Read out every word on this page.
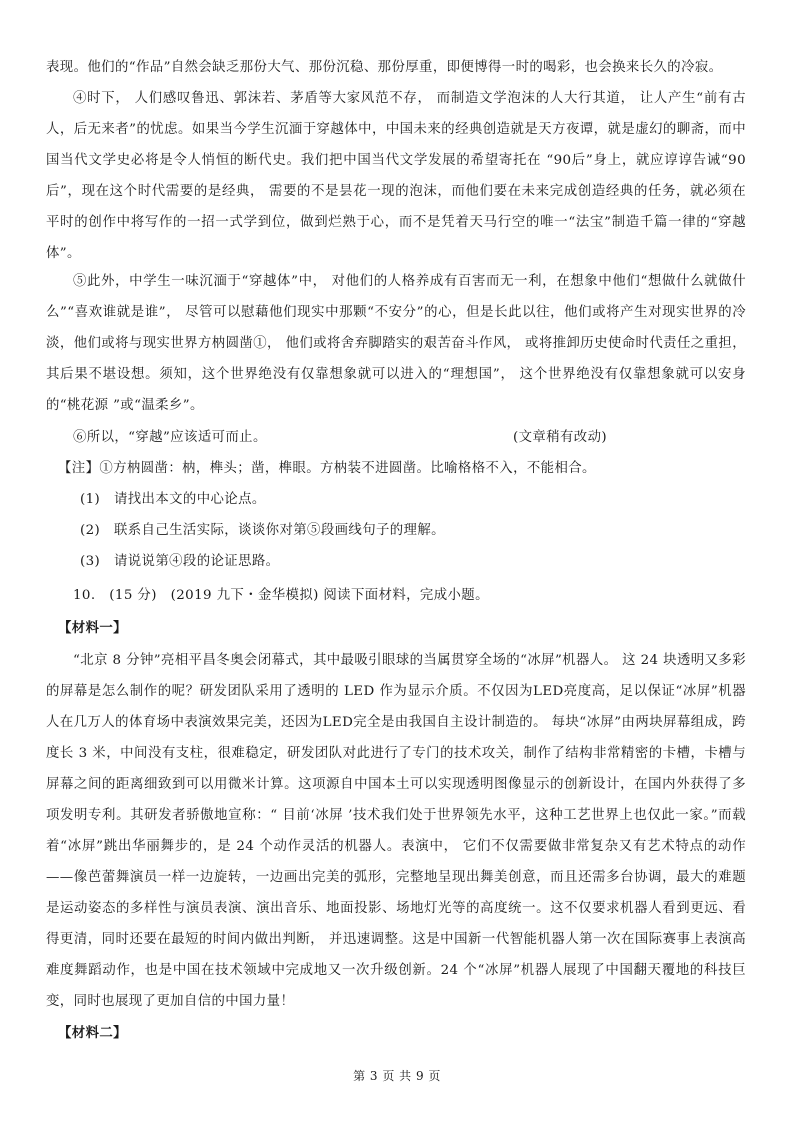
表现。他们的“作品”自然会缺乏那份大气、那份沉稳、那份厚重，即便博得一时的喝彩，也会换来长久的冷寂。

④时下， 人们感叹鲁迅、郭沫若、茅盾等大家风范不存， 而制造文学泡沫的人大行其道， 让人产生“前有古人，后无来者”的忧虑。如果当今学生沉湎于穿越体中，中国未来的经典创造就是天方夜谭，就是虚幻的聊斋，而中国当代文学史必将是令人悄恒的断代史。我们把中国当代文学发展的希望寄托在 “90后”身上，就应谆谆告诫“90后”，现在这个时代需要的是经典， 需要的不是昙花一现的泡沫，而他们要在未来完成创造经典的任务，就必须在平时的创作中将写作的一招一式学到位，做到烂熟于心，而不是凭着天马行空的唯一“法宝”制造千篇一律的“穿越体”。

⑤此外，中学生一味沉湎于“穿越体”中， 对他们的人格养成有百害而无一利，在想象中他们“想做什么就做什么”“喜欢谁就是谁”， 尽管可以慰藉他们现实中那颗“不安分”的心，但是长此以往，他们或将产生对现实世界的冷淡，他们或将与现实世界方枘圆凿①， 他们或将舍弃脚踏实的艰苦奋斗作风， 或将推卸历史使命时代责任之重担，其后果不堪设想。须知，这个世界绝没有仅靠想象就可以进入的“理想国”， 这个世界绝没有仅靠想象就可以安身的“桃花源 ”或“温柔乡”。

⑥所以，“穿越”应该适可而止。	(文章稍有改动)

【注】①方枘圆凿：枘，榫头；凿，榫眼。方枘装不进圆凿。比喻格格不入，不能相合。

(1)　请找出本文的中心论点。

(2)　联系自己生活实际，谈谈你对第⑤段画线句子的理解。

(3)　请说说第④段的论证思路。

10.　(15 分)　(2019 九下・金华模拟) 阅读下面材料，完成小题。

【材料一】

“北京 8 分钟”亮相平昌冬奥会闭幕式，其中最吸引眼球的当属贯穿全场的“冰屏”机器人。 这 24 块透明又多彩的屏幕是怎么制作的呢？研发团队采用了透明的 LED 作为显示介质。不仅因为LED亮度高，足以保证“冰屏”机器人在几万人的体育场中表演效果完美，还因为LED完全是由我国自主设计制造的。 每块“冰屏”由两块屏幕组成，跨度长 3 米，中间没有支柱，很难稳定，研发团队对此进行了专门的技术攻关，制作了结构非常精密的卡槽，卡槽与屏幕之间的距离细致到可以用微米计算。这项源自中国本土可以实现透明图像显示的创新设计，在国内外获得了多项发明专利。其研发者骄傲地宣称：“ 目前‘冰屏 ’技术我们处于世界领先水平，这种工艺世界上也仅此一家。”而载着“冰屏”跳出华丽舞步的，是 24 个动作灵活的机器人。表演中， 它们不仅需要做非常复杂又有艺术特点的动作——像芭蕾舞演员一样一边旋转，一边画出完美的弧形，完整地呈现出舞美创意，而且还需多台协调，最大的难题是运动姿态的多样性与演员表演、演出音乐、地面投影、场地灯光等的高度统一。这不仅要求机器人看到更远、看得更清，同时还要在最短的时间内做出判断， 并迅速调整。这是中国新一代智能机器人第一次在国际赛事上表演高难度舞蹈动作，也是中国在技术领域中完成地又一次升级创新。24 个“冰屏”机器人展现了中国翻天覆地的科技巨变，同时也展现了更加自信的中国力量！

【材料二】

第 3 页 共 9 页
